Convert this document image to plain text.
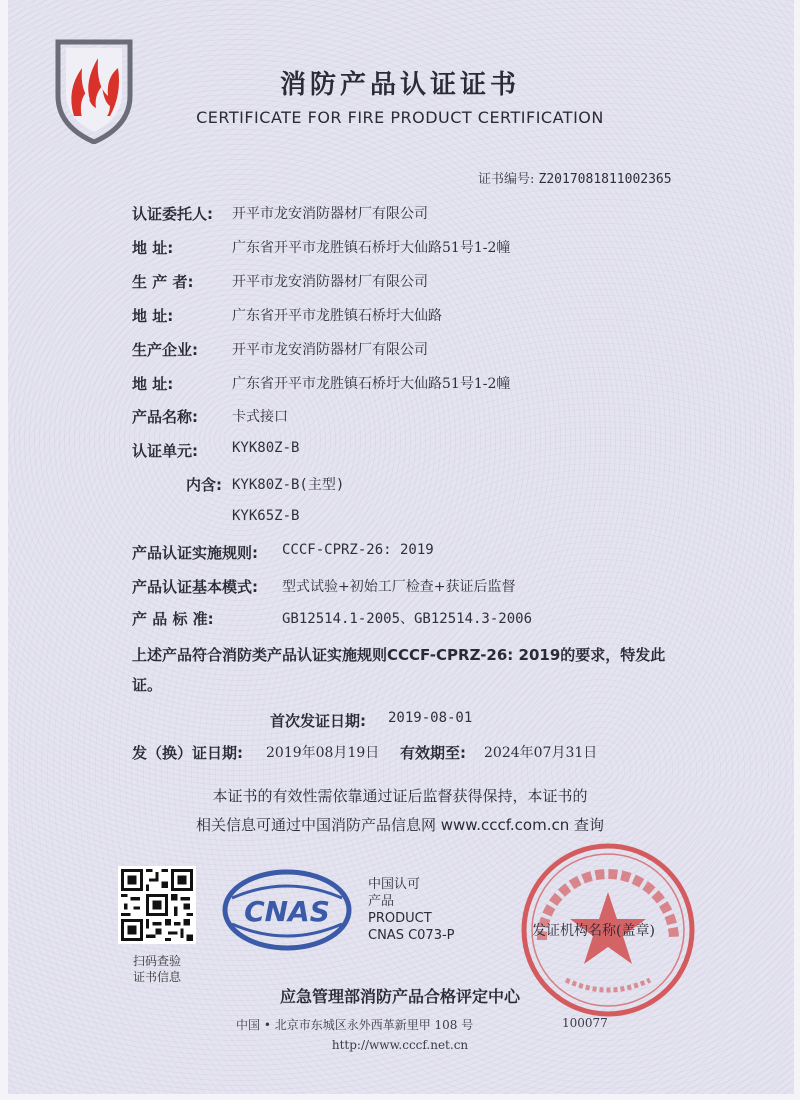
消防产品认证证书
CERTIFICATE FOR FIRE PRODUCT CERTIFICATION
证书编号: Z2017081811002365
认证委托人: 开平市龙安消防器材厂有限公司
地 址:	广东省开平市龙胜镇石桥圩大仙路51号1-2幢
生 产 者:	开平市龙安消防器材厂有限公司
地 址:	广东省开平市龙胜镇石桥圩大仙路
生产企业: 开平市龙安消防器材厂有限公司
地 址:	广东省开平市龙胜镇石桥圩大仙路51号1-2幢
产品名称: 卡式接口
认证单元: KYK80Z-B
内含: KYK80Z-B(主型)
KYK65Z-B
产品认证实施规则: CCCF-CPRZ-26: 2019
产品认证基本模式: 型式试验+初始工厂检查+获证后监督
产 品 标 准:	GB12514.1-2005、GB12514.3-2006
上述产品符合消防类产品认证实施规则CCCF-CPRZ-26: 2019的要求，特发此证。
首次发证日期: 2019-08-01
发（换）证日期: 2019年08月19日 有效期至: 2024年07月31日
本证书的有效性需依靠通过证后监督获得保持，本证书的
相关信息可通过中国消防产品信息网 www.cccf.com.cn 查询
扫码查验
证书信息
CNAS
中国认可
产品
PRODUCT
CNAS C073-P	发证机构名称(盖章)
应急管理部消防产品合格评定中心
中国 • 北京市东城区永外西革新里甲 108 号	100077
http://www.cccf.net.cn
